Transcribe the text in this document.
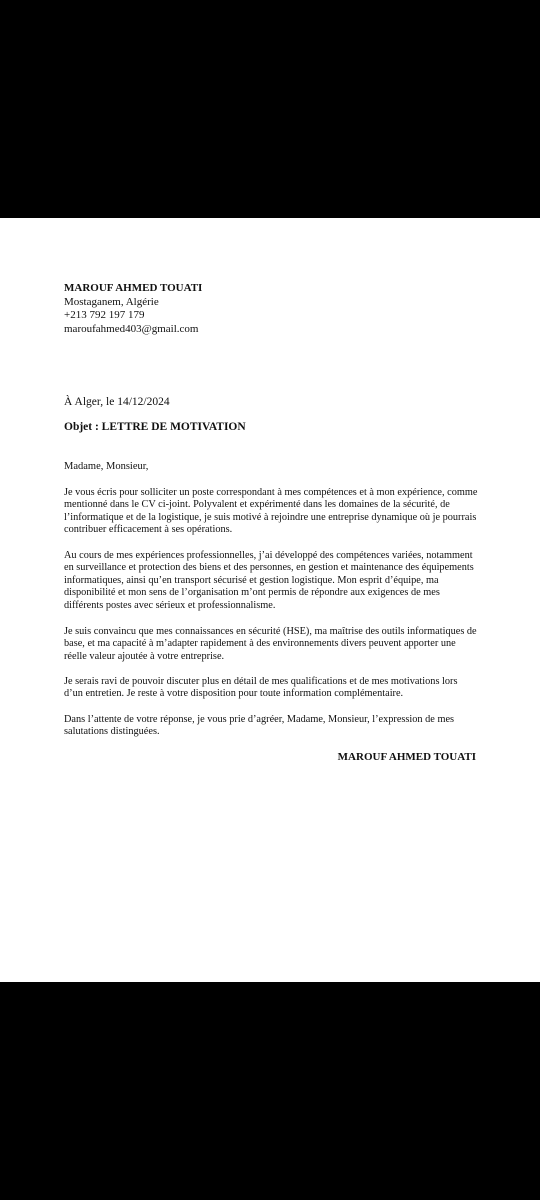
MAROUF AHMED TOUATI
Mostaganem, Algérie
+213 792 197 179
maroufahmed403@gmail.com
À Alger, le 14/12/2024
Objet : LETTRE DE MOTIVATION
Madame, Monsieur,
Je vous écris pour solliciter un poste correspondant à mes compétences et à mon expérience, comme mentionné dans le CV ci-joint. Polyvalent et expérimenté dans les domaines de la sécurité, de l’informatique et de la logistique, je suis motivé à rejoindre une entreprise dynamique où je pourrais contribuer efficacement à ses opérations.
Au cours de mes expériences professionnelles, j’ai développé des compétences variées, notamment en surveillance et protection des biens et des personnes, en gestion et maintenance des équipements informatiques, ainsi qu’en transport sécurisé et gestion logistique. Mon esprit d’équipe, ma disponibilité et mon sens de l’organisation m’ont permis de répondre aux exigences de mes différents postes avec sérieux et professionnalisme.
Je suis convaincu que mes connaissances en sécurité (HSE), ma maîtrise des outils informatiques de base, et ma capacité à m’adapter rapidement à des environnements divers peuvent apporter une réelle valeur ajoutée à votre entreprise.
Je serais ravi de pouvoir discuter plus en détail de mes qualifications et de mes motivations lors d’un entretien. Je reste à votre disposition pour toute information complémentaire.
Dans l’attente de votre réponse, je vous prie d’agréer, Madame, Monsieur, l’expression de mes salutations distinguées.
MAROUF AHMED TOUATI
